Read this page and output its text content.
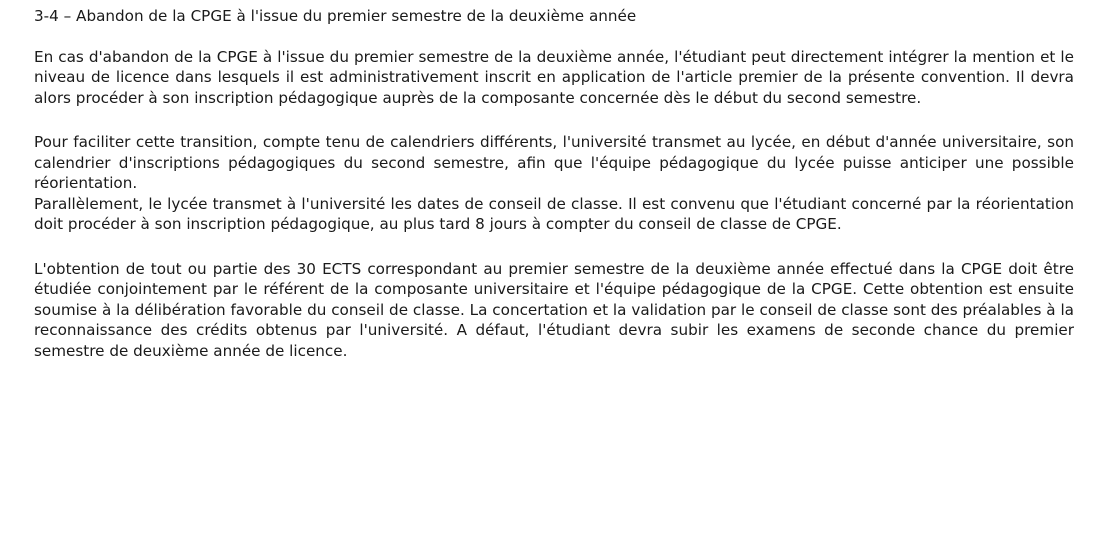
3-4 – Abandon de la CPGE à l'issue du premier semestre de la deuxième année

En cas d'abandon de la CPGE à l'issue du premier semestre de la deuxième année, l'étudiant peut directement intégrer la mention et le niveau de licence dans lesquels il est administrativement inscrit en application de l'article premier de la présente convention. Il devra alors procéder à son inscription pédagogique auprès de la composante concernée dès le début du second semestre.

Pour faciliter cette transition, compte tenu de calendriers différents, l'université transmet au lycée, en début d'année universitaire, son calendrier d'inscriptions pédagogiques du second semestre, afin que l'équipe pédagogique du lycée puisse anticiper une possible réorientation.

Parallèlement, le lycée transmet à l'université les dates de conseil de classe. Il est convenu que l'étudiant concerné par la réorientation doit procéder à son inscription pédagogique, au plus tard 8 jours à compter du conseil de classe de CPGE.

L'obtention de tout ou partie des 30 ECTS correspondant au premier semestre de la deuxième année effectué dans la CPGE doit être étudiée conjointement par le référent de la composante universitaire et l'équipe pédagogique de la CPGE. Cette obtention est ensuite soumise à la délibération favorable du conseil de classe. La concertation et la validation par le conseil de classe sont des préalables à la reconnaissance des crédits obtenus par l'université. A défaut, l'étudiant devra subir les examens de seconde chance du premier semestre de deuxième année de licence.
